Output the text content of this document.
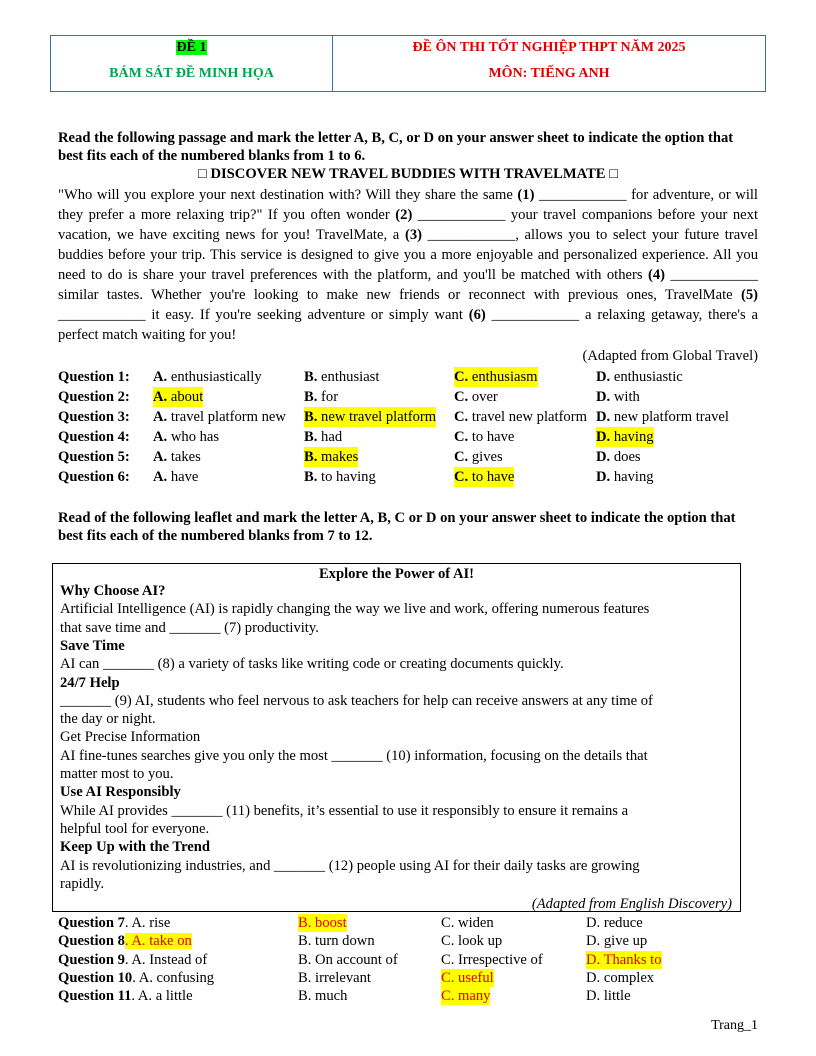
ĐỀ 1
BÁM SÁT ĐỀ MINH HỌA
ĐỀ ÔN THI TỐT NGHIỆP THPT NĂM 2025
MÔN: TIẾNG ANH
Read the following passage and mark the letter A, B, C, or D on your answer sheet to indicate the option that best fits each of the numbered blanks from 1 to 6.
□ DISCOVER NEW TRAVEL BUDDIES WITH TRAVELMATE □
"Who will you explore your next destination with? Will they share the same (1) ____________ for adventure, or will they prefer a more relaxing trip?" If you often wonder (2) ____________ your travel companions before your next vacation, we have exciting news for you! TravelMate, a (3) ____________, allows you to select your future travel buddies before your trip. This service is designed to give you a more enjoyable and personalized experience. All you need to do is share your travel preferences with the platform, and you'll be matched with others (4) ____________ similar tastes. Whether you're looking to make new friends or reconnect with previous ones, TravelMate (5) ____________ it easy. If you're seeking adventure or simply want (6) ____________ a relaxing getaway, there's a perfect match waiting for you!
(Adapted from Global Travel)
Question 1: A. enthusiastically	B. enthusiast	C. enthusiasm	D. enthusiastic
Question 2: A. about	B. for	C. over	D. with
Question 3: A. travel platform new B. new travel platform C. travel new platform D. new platform travel
Question 4: A. who has	B. had	C. to have	D. having
Question 5: A. takes	B. makes	C. gives	D. does
Question 6: A. have	B. to having	C. to have	D. having
Read of the following leaflet and mark the letter A, B, C or D on your answer sheet to indicate the option that best fits each of the numbered blanks from 7 to 12.
Explore the Power of AI!
Why Choose AI?
Artificial Intelligence (AI) is rapidly changing the way we live and work, offering numerous features
that save time and _______ (7) productivity.
Save Time
AI can _______ (8) a variety of tasks like writing code or creating documents quickly.
24/7 Help
_______ (9) AI, students who feel nervous to ask teachers for help can receive answers at any time of
the day or night.
Get Precise Information
AI fine-tunes searches give you only the most _______ (10) information, focusing on the details that
matter most to you.
Use AI Responsibly
While AI provides _______ (11) benefits, it’s essential to use it responsibly to ensure it remains a
helpful tool for everyone.
Keep Up with the Trend
AI is revolutionizing industries, and _______ (12) people using AI for their daily tasks are growing
rapidly.
(Adapted from English Discovery)
Question 7. A. rise	B. boost	C. widen	D. reduce
Question 8. A. take on	B. turn down	C. look up	D. give up
Question 9. A. Instead of	B. On account of	C. Irrespective of	D. Thanks to
Question 10. A. confusing	B. irrelevant	C. useful	D. complex
Question 11. A. a little	B. much	C. many	D. little
Trang_1
